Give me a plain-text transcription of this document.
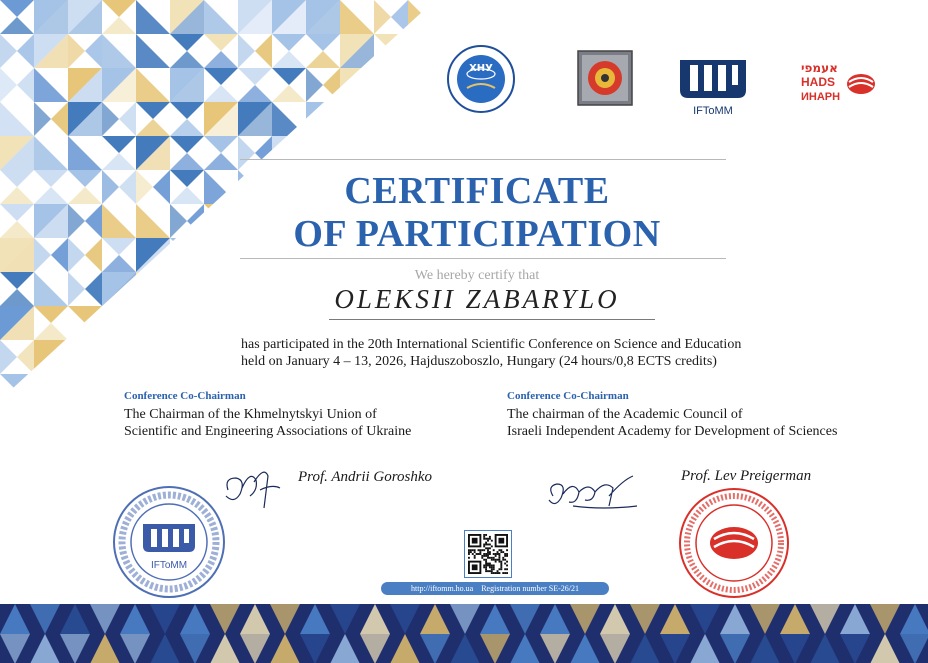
ХНУ
IFToMM
אעמפי
HADS
ИНАРН
CERTIFICATE
OF PARTICIPATION
We hereby certify that
OLEKSII ZABARYLO
has participated in the 20th International Scientific Conference on Science and Education
held on January 4 – 13, 2026, Hajduszoboszlo, Hungary (24 hours/0,8 ECTS credits)
Conference Co-Chairman
The Chairman of the Khmelnytskyi Union of
Scientific and Engineering Associations of Ukraine
Conference Co-Chairman
The chairman of the Academic Council of
Israeli Independent Academy for Development of Sciences
Prof. Andrii Goroshko	Prof. Lev Preigerman
IFToMM
http://iftomm.ho.ua Registration number SE-26/21
